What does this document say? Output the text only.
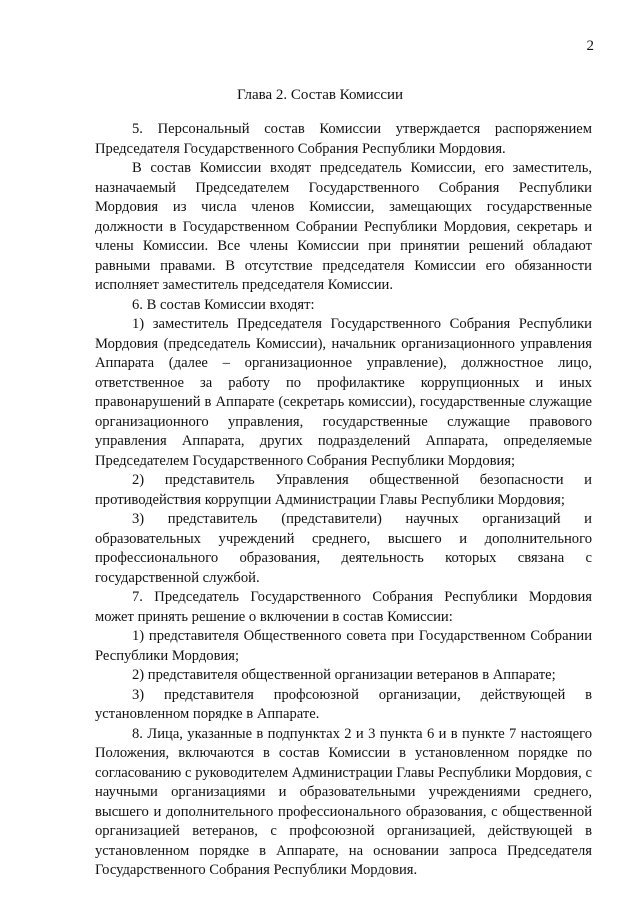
2
Глава 2. Состав Комиссии

5. Персональный состав Комиссии утверждается распоряжением Председателя Государственного Собрания Республики Мордовия.

В состав Комиссии входят председатель Комиссии, его заместитель, назначаемый Председателем Государственного Собрания Республики Мордовия из числа членов Комиссии, замещающих государственные должности в Государственном Собрании Республики Мордовия, секретарь и члены Комиссии. Все члены Комиссии при принятии решений обладают равными правами. В отсутствие председателя Комиссии его обязанности исполняет заместитель председателя Комиссии.

6. В состав Комиссии входят:

1) заместитель Председателя Государственного Собрания Республики Мордовия (председатель Комиссии), начальник организационного управления Аппарата (далее – организационное управление), должностное лицо, ответственное за работу по профилактике коррупционных и иных правонарушений в Аппарате (секретарь комиссии), государственные служащие организационного управления, государственные служащие правового управления Аппарата, других подразделений Аппарата, определяемые Председателем Государственного Собрания Республики Мордовия;

2) представитель Управления общественной безопасности и противодействия коррупции Администрации Главы Республики Мордовия;

3) представитель (представители) научных организаций и образовательных учреждений среднего, высшего и дополнительного профессионального образования, деятельность которых связана с государственной службой.

7. Председатель Государственного Собрания Республики Мордовия может принять решение о включении в состав Комиссии:

1) представителя Общественного совета при Государственном Собрании Республики Мордовия;

2) представителя общественной организации ветеранов в Аппарате;

3) представителя профсоюзной организации, действующей в установленном порядке в Аппарате.

8. Лица, указанные в подпунктах 2 и 3 пункта 6 и в пункте 7 настоящего Положения, включаются в состав Комиссии в установленном порядке по согласованию с руководителем Администрации Главы Республики Мордовия, с научными организациями и образовательными учреждениями среднего, высшего и дополнительного профессионального образования, с общественной организацией ветеранов, с профсоюзной организацией, действующей в установленном порядке в Аппарате, на основании запроса Председателя Государственного Собрания Республики Мордовия.
